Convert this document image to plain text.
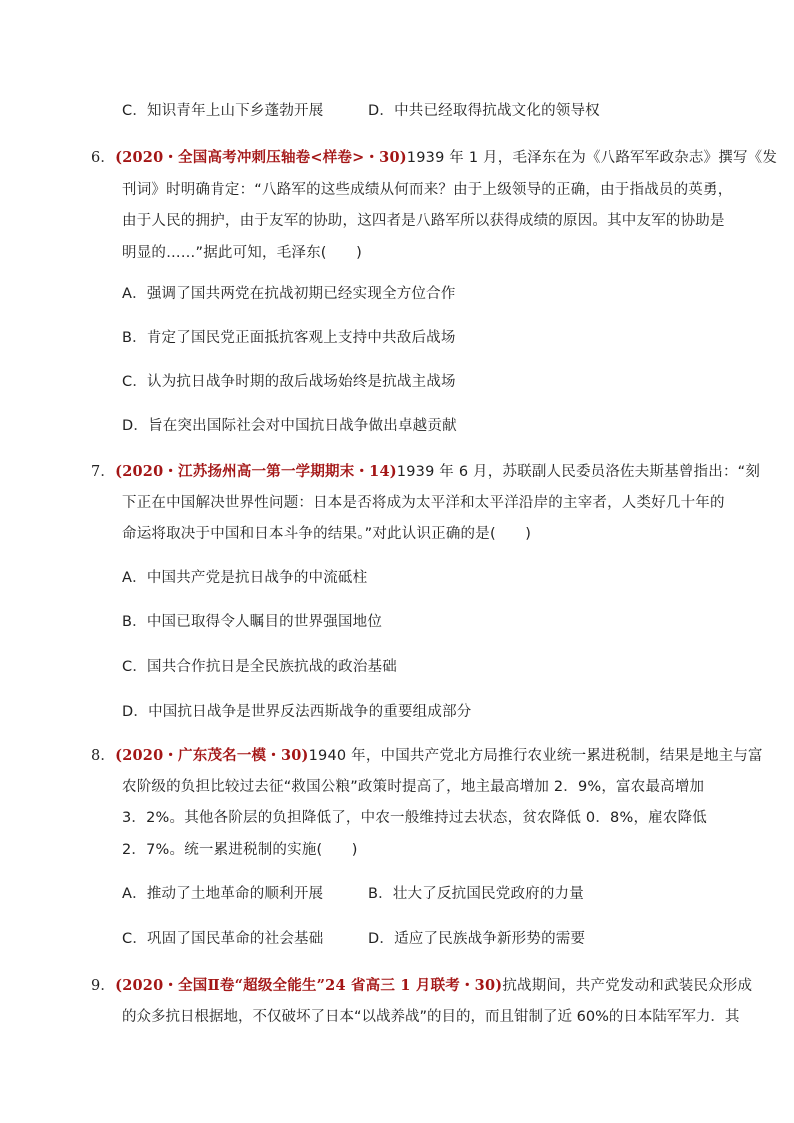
C．知识青年上山下乡蓬勃开展	D．中共已经取得抗战文化的领导权
6．(2020・全国高考冲刺压轴卷<样卷>・30)1939 年 1 月，毛泽东在为《八路军军政杂志》撰写《发
刊词》时明确肯定：“八路军的这些成绩从何而来？由于上级领导的正确，由于指战员的英勇，
由于人民的拥护，由于友军的协助，这四者是八路军所以获得成绩的原因。其中友军的协助是
明显的……”据此可知，毛泽东(　　)
A．强调了国共两党在抗战初期已经实现全方位合作
B．肯定了国民党正面抵抗客观上支持中共敌后战场
C．认为抗日战争时期的敌后战场始终是抗战主战场
D．旨在突出国际社会对中国抗日战争做出卓越贡献
7．(2020・江苏扬州高一第一学期期末・14)1939 年 6 月，苏联副人民委员洛佐夫斯基曾指出：“刻
下正在中国解决世界性问题：日本是否将成为太平洋和太平洋沿岸的主宰者，人类好几十年的
命运将取决于中国和日本斗争的结果。”对此认识正确的是(　　)
A．中国共产党是抗日战争的中流砥柱
B．中国已取得令人瞩目的世界强国地位
C．国共合作抗日是全民族抗战的政治基础
D．中国抗日战争是世界反法西斯战争的重要组成部分
8．(2020・广东茂名一模・30)1940 年，中国共产党北方局推行农业统一累进税制，结果是地主与富
农阶级的负担比较过去征“救国公粮”政策时提高了，地主最高增加 2．9%，富农最高增加
3．2%。其他各阶层的负担降低了，中农一般维持过去状态，贫农降低 0．8%，雇农降低
2．7%。统一累进税制的实施(　　)
A．推动了土地革命的顺利开展	B．壮大了反抗国民党政府的力量
C．巩固了国民革命的社会基础	D．适应了民族战争新形势的需要
9．(2020・全国Ⅱ卷“超级全能生”24 省高三 1 月联考・30)抗战期间，共产党发动和武装民众形成
的众多抗日根据地，不仅破坏了日本“以战养战”的目的，而且钳制了近 60%的日本陆军军力．其
